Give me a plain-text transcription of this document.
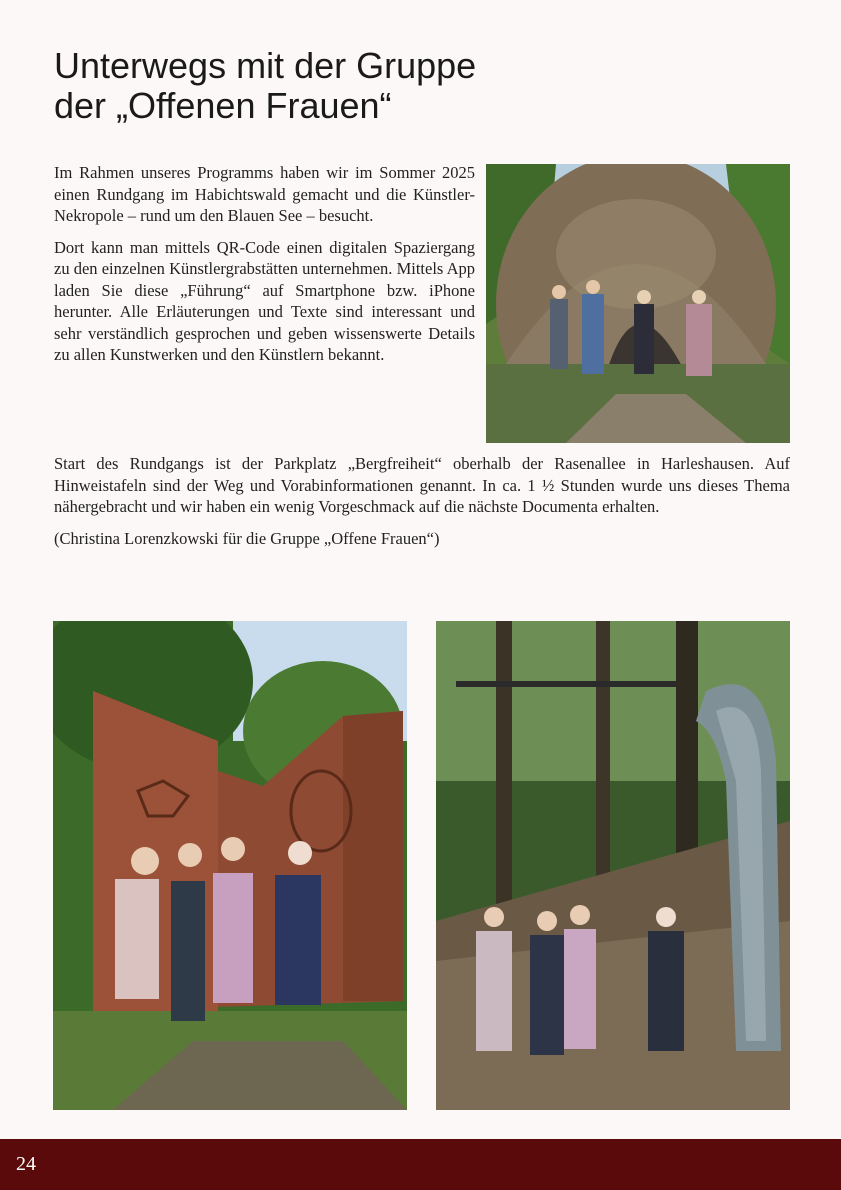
Unterwegs mit der Gruppe
der „Offenen Frauen“

Im Rahmen unseres Programms haben wir im Sommer 2025 einen Rundgang im Habichtswald gemacht und die Künstler-Nekropole – rund um den Blauen See – besucht.

Dort kann man mittels QR-Code einen digitalen Spaziergang zu den einzelnen Künstlergrabstätten unternehmen. Mittels App laden Sie diese „Führung“ auf Smartphone bzw. iPhone herunter. Alle Erläuterungen und Texte sind interessant und sehr verständlich gesprochen und geben wissenswerte Details zu allen Kunstwerken und den Künstlern bekannt.

Start des Rundgangs ist der Parkplatz „Bergfreiheit“ oberhalb der Rasenallee in Harleshausen. Auf Hinweistafeln sind der Weg und Vorabinformationen genannt. In ca. 1 ½ Stunden wurde uns dieses Thema nähergebracht und wir haben ein wenig Vorgeschmack auf die nächste Documenta erhalten.

(Christina Lorenzkowski für die Gruppe „Offene Frauen“)

24
